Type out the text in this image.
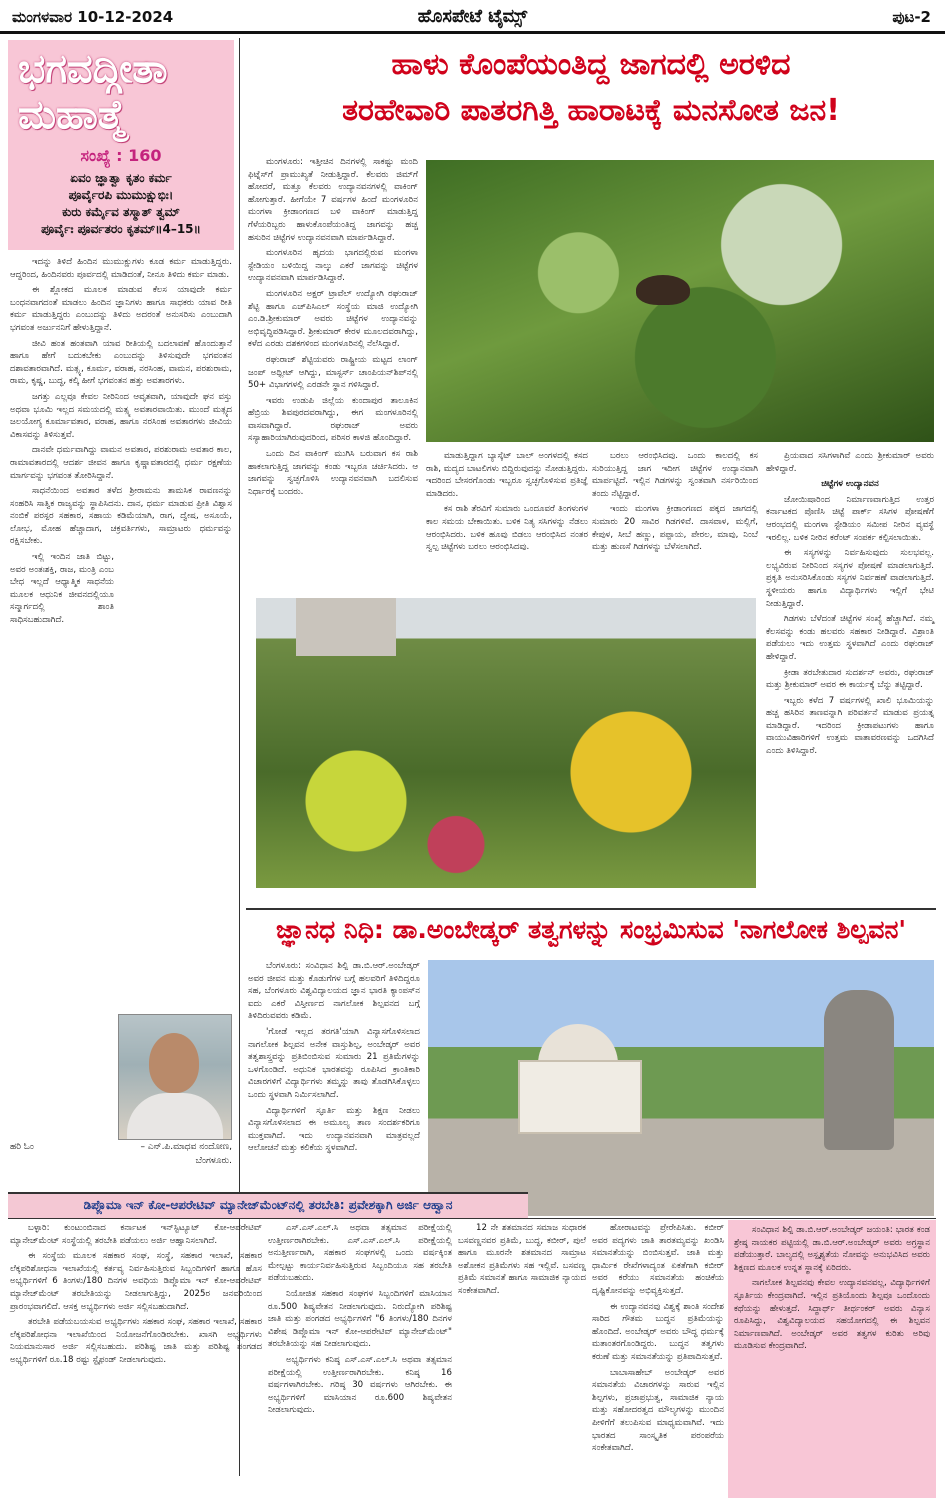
ಮಂಗಳವಾರ 10-12-2024	ಹೊಸಪೇಟೆ ಟೈಮ್ಸ್	ಪುಟ-2
ಭಗವದ್ಗೀತಾ ಮಹಾತ್ಮೆ
ಸಂಖ್ಯೆ : 160
ಏವಂ ಜ್ಞಾತ್ವಾ ಕೃತಂ ಕರ್ಮ
ಪೂರ್ವೈರಪಿ ಮುಮುಕ್ಷುಭಿಃ।
ಕುರು ಕರ್ಮೈವ ತಸ್ಮಾತ್ ತ್ವಮ್
ಪೂರ್ವೈಃ ಪೂರ್ವತರಂ ಕೃತಮ್॥4–15॥

ಇದನ್ನು ತಿಳಿದೆ ಹಿಂದಿನ ಮುಮುಕ್ಷುಗಳು ಕೂಡ ಕರ್ಮ ಮಾಡುತ್ತಿದ್ದರು. ಆದ್ದರಿಂದ, ಹಿಂದಿನವರು ಪೂರ್ವದಲ್ಲಿ ಮಾಡಿದಂತೆ, ನೀನೂ ತಿಳಿದು ಕರ್ಮ ಮಾಡು.

ಈ ಶ್ಲೋಕದ ಮೂಲಕ ಮಾಡುವ ಕೆಲಸ ಯಾವುದೇ ಕರ್ಮ ಬಂಧನವಾಗದಂತೆ ಮಾಡಲು ಹಿಂದಿನ ಜ್ಞಾನಿಗಳು ಹಾಗೂ ಸಾಧಕರು ಯಾವ ರೀತಿ ಕರ್ಮ ಮಾಡುತ್ತಿದ್ದರು ಎಂಬುದನ್ನು ತಿಳಿದು ಅದರಂತೆ ಅನುಸರಿಸು ಎಂಬುದಾಗಿ ಭಗವಂತ ಅರ್ಜುನನಿಗೆ ಹೇಳುತ್ತಿದ್ದಾನೆ.

ಜೀವಿ ಹಂತ ಹಂತವಾಗಿ ಯಾವ ರೀತಿಯಲ್ಲಿ ಬದಲಾವಣೆ ಹೊಂದುತ್ತಾನೆ ಹಾಗೂ ಹೇಗೆ ಬದುಕಬೇಕು ಎಂಬುದನ್ನು ತಿಳಿಸುವುದೇ ಭಗವಂತನ ದಶಾವತಾರವಾಗಿದೆ. ಮತ್ಸ್ಯ, ಕೂರ್ಮ, ವರಾಹ, ನರಸಿಂಹ, ವಾಮನ, ಪರಶುರಾಮ, ರಾಮ, ಕೃಷ್ಣ, ಬುದ್ಧ, ಕಲ್ಕಿ ಹೀಗೆ ಭಗವಂತನ ಹತ್ತು ಅವತಾರಗಳು.

ಜಗತ್ತು ಎಲ್ಲವೂ ಕೇವಲ ನೀರಿನಿಂದ ಆವೃತವಾಗಿ, ಯಾವುದೇ ಘನ ವಸ್ತು ಅಥವಾ ಭೂಮಿ ಇಲ್ಲದ ಸಮಯದಲ್ಲಿ ಮತ್ಸ್ಯ ಅವತಾರವಾಯಿತು. ಮುಂದೆ ಮತ್ಸ್ಯದ ಜಲಯೋಗ್ಯ ಕೂರ್ಮಾವತಾರ, ವರಾಹ, ಹಾಗೂ ನರಸಿಂಹ ಅವತಾರಗಳು ಜೀವಿಯ ವಿಕಾಸವನ್ನು ತಿಳಿಸುತ್ತವೆ.

ದಾನವೇ ಧರ್ಮವಾಗಿದ್ದು ವಾಮನ ಅವತಾರ, ಪರಶುರಾಮ ಅವತಾರ ಕಾಲ, ರಾಮಾವತಾರದಲ್ಲಿ ಆದರ್ಶ ಜೀವನ ಹಾಗೂ ಕೃಷ್ಣಾವತಾರದಲ್ಲಿ ಧರ್ಮ ರಕ್ಷಣೆಯ ಮಾರ್ಗವನ್ನು ಭಗವಂತ ತೋರಿಸಿದ್ದಾನೆ.

ಸಾಧನೆಯಿಂದ ಅವತಾರ ತಳೆದ ಶ್ರೀರಾಮನು ತಾಮಸಿಕ ರಾವಣನನ್ನು ಸಂಹರಿಸಿ ಸಾತ್ವಿಕ ರಾಜ್ಯವನ್ನು ಸ್ಥಾಪಿಸಿದನು. ದಾನ, ಧರ್ಮ ಮಾಡುವ ಪ್ರೀತಿ ವಿಶ್ವಾಸ ನಂಬಿಕೆ ಪರಸ್ಪರ ಸಹಕಾರ, ಸಹಾಯ ಕಡಿಮೆಯಾಗಿ, ರಾಗ, ದ್ವೇಷ, ಅಸೂಯೆ, ಲೋಭ, ಮೋಹ ಹೆಚ್ಚಾದಾಗ, ಚಕ್ರವರ್ತಿಗಳು, ಸಾಮ್ರಾಟರು ಧರ್ಮವನ್ನು ರಕ್ಷಿಸಬೇಕು.

ಇಲ್ಲಿ ಇಂದಿನ ಜಾತಿ ಬಿಟ್ಟು, ಅವರ ಅಂತಃಶಕ್ತಿ, ರಾಜ, ಮಂತ್ರಿ ಎಂಬ ಬೇಧ ಇಲ್ಲದೆ ಆಧ್ಯಾತ್ಮಿಕ ಸಾಧನೆಯ ಮೂಲಕ ಆಧುನಿಕ ಜೀವನದಲ್ಲಿಯೂ ಸನ್ಮಾರ್ಗದಲ್ಲಿ ಶಾಂತಿ ಸಾಧಿಸಬಹುದಾಗಿದೆ.

ಹರಿ ಓಂ	– ಎನ್.ಪಿ.ಮಾಧವ ನಂದೋಣ,
ಬೆಂಗಳೂರು.
ಹಾಳು ಕೊಂಪೆಯಂತಿದ್ದ ಜಾಗದಲ್ಲಿ ಅರಳಿದ
ತರಹೇವಾರಿ ಪಾತರಗಿತ್ತಿ ಹಾರಾಟಕ್ಕೆ ಮನಸೋತ ಜನ!

ಮಂಗಳೂರು: ಇತ್ತೀಚಿನ ದಿನಗಳಲ್ಲಿ ಸಾಕಷ್ಟು ಮಂದಿ ಫಿಟ್ನೆಸ್‌ಗೆ ಪ್ರಾಮುಖ್ಯತೆ ನೀಡುತ್ತಿದ್ದಾರೆ. ಕೆಲವರು ಜಿಮ್‌ಗೆ ಹೋದರೆ, ಮತ್ತೂ ಕೆಲವರು ಉದ್ಯಾನವನಗಳಲ್ಲಿ ವಾಕಿಂಗ್ ಹೋಗುತ್ತಾರೆ. ಹೀಗೆಯೇ 7 ವರ್ಷಗಳ ಹಿಂದೆ ಮಂಗಳೂರಿನ ಮಂಗಳಾ ಕ್ರೀಡಾಂಗಣದ ಬಳಿ ವಾಕಿಂಗ್ ಮಾಡುತ್ತಿದ್ದ ಗೆಳೆಯರಿಬ್ಬರು ಹಾಳುಕೊಂಪೆಯಂತಿದ್ದ ಜಾಗವನ್ನು ಹಚ್ಚ ಹಸುರಿನ ಚಿಟ್ಟೆಗಳ ಉದ್ಯಾನವನವಾಗಿ ಮಾರ್ಪಡಿಸಿದ್ದಾರೆ.

ಮಂಗಳೂರಿನ ಹೃದಯ ಭಾಗದಲ್ಲಿರುವ ಮಂಗಳಾ ಸ್ಟೇಡಿಯಂ ಬಳಿಯಿದ್ದ ನಾಲ್ಕು ಎಕರೆ ಜಾಗವನ್ನು ಚಿಟ್ಟೆಗಳ ಉದ್ಯಾನವನವಾಗಿ ಮಾರ್ಪಡಿಸಿದ್ದಾರೆ.

ಮಂಗಳೂರಿನ ಅಕ್ಷರ್ ಟ್ರಾವೆಲ್ ಉದ್ಯೋಗಿ ರಘುರಾಜ್ ಶೆಟ್ಟಿ ಹಾಗೂ ಎಚ್‌ಪಿಸಿಎಲ್ ಸಂಸ್ಥೆಯ ಮಾಜಿ ಉದ್ಯೋಗಿ ಎಂ.ಡಿ.ಶ್ರೀಕುಮಾರ್ ಅವರು ಚಿಟ್ಟೆಗಳ ಉದ್ಯಾನವನ್ನು ಅಭಿವೃದ್ಧಿಪಡಿಸಿದ್ದಾರೆ. ಶ್ರೀಕುಮಾರ್ ಕೇರಳ ಮೂಲದವರಾಗಿದ್ದು, ಕಳೆದ ಎರಡು ದಶಕಗಳಿಂದ ಮಂಗಳೂರಿನಲ್ಲಿ ನೆಲೆಸಿದ್ದಾರೆ.

ರಘುರಾಜ್ ಶೆಟ್ಟಿಯವರು ರಾಷ್ಟ್ರೀಯ ಮಟ್ಟದ ಲಾಂಗ್ ಜಂಪ್ ಅಥ್ಲೀಟ್ ಆಗಿದ್ದು, ಮಾಸ್ಟರ್ಸ್ ಚಾಂಪಿಯನ್‌ಶಿಪ್‌ನಲ್ಲಿ 50+ ವಿಭಾಗಗಳಲ್ಲಿ ಎರಡನೇ ಸ್ಥಾನ ಗಳಿಸಿದ್ದಾರೆ.

ಇವರು ಉಡುಪಿ ಜಿಲ್ಲೆಯ ಕುಂದಾಪುರ ತಾಲೂಕಿನ ಹೆಬ್ರಿಯ ಶಿವಪುರದವರಾಗಿದ್ದು, ಈಗ ಮಂಗಳೂರಿನಲ್ಲಿ ವಾಸವಾಗಿದ್ದಾರೆ. ರಘುರಾಜ್ ಅವರು ಸಸ್ಯಾಹಾರಿಯಾಗಿರುವುದರಿಂದ, ಪರಿಸರ ಕಾಳಜಿ ಹೊಂದಿದ್ದಾರೆ.

ಒಂದು ದಿನ ವಾಕಿಂಗ್ ಮುಗಿಸಿ ಬರುವಾಗ ಕಸ ರಾಶಿ ಹಾಕಲಾಗುತ್ತಿದ್ದ ಜಾಗವನ್ನು ಕಂಡು ಇಬ್ಬರೂ ಚರ್ಚಿಸಿದರು. ಆ ಜಾಗವನ್ನು ಸ್ವಚ್ಛಗೊಳಿಸಿ ಉದ್ಯಾನವನವಾಗಿ ಬದಲಿಸುವ ನಿರ್ಧಾರಕ್ಕೆ ಬಂದರು.

ಮಾಡುತ್ತಿದ್ದಾಗ ಬ್ಯಾಸ್ಕೆಟ್ ಬಾಲ್ ಅಂಗಳದಲ್ಲಿ ಕಸದ ರಾಶಿ, ಮದ್ಯದ ಬಾಟಲಿಗಳು ಬಿದ್ದಿರುವುದನ್ನು ನೋಡುತ್ತಿದ್ದರು. ಇದರಿಂದ ಬೇಸರಗೊಂಡು ಇಬ್ಬರೂ ಸ್ವಚ್ಛಗೊಳಿಸುವ ಪ್ರತಿಜ್ಞೆ ಮಾಡಿದರು.

ಕಸ ರಾಶಿ ತೆರವಿಗೆ ಸುಮಾರು ಒಂದೂವರೆ ತಿಂಗಳುಗಳ ಕಾಲ ಸಮಯ ಬೇಕಾಯಿತು. ಬಳಿಕ ನಿತ್ಯ ಸಸಿಗಳನ್ನು ನೆಡಲು ಆರಂಭಿಸಿದರು. ಬಳಿಕ ಹೂವು ಬಿಡಲು ಆರಂಭಿಸಿದ ನಂತರ ಸ್ವಲ್ಪ ಚಿಟ್ಟೆಗಳು ಬರಲು ಆರಂಭಿಸಿದವು.

ಬರಲು ಆರಂಭಿಸಿದವು. ಒಂದು ಕಾಲದಲ್ಲಿ ಕಸ ಸುರಿಯುತ್ತಿದ್ದ ಜಾಗ ಇದೀಗ ಚಿಟ್ಟೆಗಳ ಉದ್ಯಾನವಾಗಿ ಮಾರ್ಪಟ್ಟಿದೆ. ಇಲ್ಲಿನ ಗಿಡಗಳನ್ನು ಸ್ವಂತವಾಗಿ ನರ್ಸರಿಯಿಂದ ತಂದು ನೆಟ್ಟಿದ್ದಾರೆ.

ಇಂದು ಮಂಗಳಾ ಕ್ರೀಡಾಂಗಣದ ಪಕ್ಕದ ಜಾಗದಲ್ಲಿ ಸುಮಾರು 20 ಸಾವಿರ ಗಿಡಗಳಿವೆ. ದಾಸವಾಳ, ಮಲ್ಲಿಗೆ, ಕೇಪುಳ, ಸೀಬೆ ಹಣ್ಣು, ಪಪ್ಪಾಯ, ಪೇರಲ, ಮಾವು, ನಿಂಬೆ ಮತ್ತು ಹುಣಸೆ ಗಿಡಗಳನ್ನು ಬೆಳೆಸಲಾಗಿದೆ.

ಪ್ರಿಯವಾದ ಸಸಿಗಳಾಗಿವೆ ಎಂದು ಶ್ರೀಕುಮಾರ್ ಅವರು ಹೇಳಿದ್ದಾರೆ.

ಚಿಟ್ಟೆಗಳ ಉದ್ಯಾನವನ

ಜೋಯಿಷಾರಿಂದ ನಿರ್ಮಾಣವಾಗುತ್ತಿದ ಉತ್ತರ ಕರ್ನಾಟಕದ ಪೊಣಿಸಿ ಚಿಟ್ಟೆ ಪಾರ್ಕ್ ಸಸಿಗಳ ಪೋಷಣೆಗೆ ಆರಂಭದಲ್ಲಿ ಮಂಗಳಾ ಸ್ಟೇಡಿಯಂ ಸಮೀಪ ನೀರಿನ ವ್ಯವಸ್ಥೆ ಇರಲಿಲ್ಲ. ಬಳಿಕ ನೀರಿನ ಕರೆಂಟ್ ಸಂಪರ್ಕ ಕಲ್ಪಿಸಲಾಯಿತು.

ಈ ಸಸ್ಯಗಳನ್ನು ನಿರ್ವಹಿಸುವುದು ಸುಲಭವಲ್ಲ. ಲಭ್ಯವಿರುವ ನೀರಿನಿಂದ ಸಸ್ಯಗಳ ಪೋಷಣೆ ಮಾಡಲಾಗುತ್ತಿದೆ. ಪ್ರಕೃತಿ ಅನುಸರಿಸಿಕೊಂಡು ಸಸ್ಯಗಳ ನಿರ್ವಹಣೆ ವಾಡಲಾಗುತ್ತಿದೆ. ಸ್ಥಳೀಯರು ಹಾಗೂ ವಿದ್ಯಾರ್ಥಿಗಳು ಇಲ್ಲಿಗೆ ಭೇಟಿ ನೀಡುತ್ತಿದ್ದಾರೆ.

ಗಿಡಗಳು ಬೆಳೆದಂತೆ ಚಿಟ್ಟೆಗಳ ಸಂಖ್ಯೆ ಹೆಚ್ಚಾಗಿದೆ. ನಮ್ಮ ಕೆಲಸವನ್ನು ಕಂಡು ಹಲವರು ಸಹಕಾರ ನೀಡಿದ್ದಾರೆ. ವಿಶ್ರಾಂತಿ ಪಡೆಯಲು ಇದು ಉತ್ತಮ ಸ್ಥಳವಾಗಿದೆ ಎಂದು ರಘುರಾಜ್ ಹೇಳಿದ್ದಾರೆ.

ಕ್ರೀಡಾ ತರಬೇತುದಾರ ಸುದರ್ಶನ್ ಅವರು, ರಘುರಾಜ್ ಮತ್ತು ಶ್ರೀಕುಮಾರ್ ಅವರ ಈ ಕಾರ್ಯಕ್ಕೆ ಬೆನ್ನು ತಟ್ಟಿದ್ದಾರೆ.

ಇಬ್ಬರು ಕಳೆದ 7 ವರ್ಷಗಳಲ್ಲಿ ಖಾಲಿ ಭೂಮಿಯನ್ನು ಹಚ್ಚ ಹಸಿರಿನ ತಾಣವನ್ನಾಗಿ ಪರಿವರ್ತನೆ ಮಾಡುವ ಪ್ರಯತ್ನ ಮಾಡಿದ್ದಾರೆ. ಇದರಿಂದ ಕ್ರೀಡಾಪಟುಗಳು ಹಾಗೂ ವಾಯುವಿಹಾರಿಗಳಿಗೆ ಉತ್ತಮ ವಾತಾವರಣವನ್ನು ಒದಗಿಸಿದೆ ಎಂದು ತಿಳಿಸಿದ್ದಾರೆ.

ಜ್ಞಾನಧ ನಿಧಿ: ಡಾ.ಅಂಬೇಡ್ಕರ್ ತತ್ವಗಳನ್ನು ಸಂಭ್ರಮಿಸುವ 'ನಾಗಲೋಕ ಶಿಲ್ಪವನ'

ಬೆಂಗಳೂರು: ಸಂವಿಧಾನ ಶಿಲ್ಪಿ ಡಾ.ಬಿ.ಆರ್.ಅಂಬೇಡ್ಕರ್ ಅವರ ಜೀವನ ಮತ್ತು ಕೊಡುಗೆಗಳ ಬಗ್ಗೆ ಹಲವರಿಗೆ ತಿಳಿದಿದ್ದರೂ ಸಹ, ಬೆಂಗಳೂರು ವಿಶ್ವವಿದ್ಯಾಲಯದ ಜ್ಞಾನ ಭಾರತಿ ಕ್ಯಾಂಪಸ್‌ನ ಐದು ಎಕರೆ ವಿಸ್ತೀರ್ಣದ ನಾಗಲೋಕ ಶಿಲ್ಪವನದ ಬಗ್ಗೆ ತಿಳಿದಿರುವವರು ಕಡಿಮೆ.

'ಗೋಡೆ ಇಲ್ಲದ ತರಗತಿ'ಯಾಗಿ ವಿನ್ಯಾಸಗೊಳಿಸಲಾದ ನಾಗಲೋಕ ಶಿಲ್ಪವನ ಅನೇಕ ವಾಸ್ತುಶಿಲ್ಪ, ಅಂಬೇಡ್ಕರ್ ಅವರ ತತ್ವಶಾಸ್ತ್ರವನ್ನು ಪ್ರತಿಬಿಂಬಿಸುವ ಸುಮಾರು 21 ಪ್ರತಿಮೆಗಳನ್ನು ಒಳಗೊಂಡಿದೆ. ಅಧುನಿಕ ಭಾರತವನ್ನು ರೂಪಿಸಿದ ಕ್ರಾಂತಿಕಾರಿ ವಿಚಾರಗಳಿಗೆ ವಿದ್ಯಾರ್ಥಿಗಳು ತಮ್ಮನ್ನು ತಾವು ತೊಡಗಿಸಿಕೊಳ್ಳಲು ಒಂದು ಸ್ಥಳವಾಗಿ ನಿರ್ಮಿಸಲಾಗಿದೆ.

ವಿದ್ಯಾರ್ಥಿಗಳಿಗೆ ಸ್ಫೂರ್ತಿ ಮತ್ತು ಶಿಕ್ಷಣ ನೀಡಲು ವಿನ್ಯಾಸಗೊಳಿಸಲಾದ ಈ ಅಮೂಲ್ಯ ತಾಣ ಸಂದರ್ಶಕರಿಗೂ ಮುಕ್ತವಾಗಿದೆ. ಇದು ಉದ್ಯಾನವನವಾಗಿ ಮಾತ್ರವಲ್ಲದೆ ಆಲೋಚನೆ ಮತ್ತು ಕಲಿಕೆಯ ಸ್ಥಳವಾಗಿದೆ.

ಡಿಪ್ಲೊಮಾ ಇನ್ ಕೋ-ಆಪರೇಟಿವ್ ಮ್ಯಾನೇಜ್‌ಮೆಂಟ್‌ನಲ್ಲಿ ತರಬೇತಿ: ಪ್ರವೇಶಕ್ಕಾಗಿ ಅರ್ಜಿ ಆಹ್ವಾನ

ಬಳ್ಳಾರಿ: ಕುಂಟುಂಬಿನಾದ ಕರ್ನಾಟಕ ಇನ್‌ಸ್ಟಿಟ್ಯೂಟ್ ಕೋ-ಆಪರೇಟಿವ್ ಮ್ಯಾನೇಜ್‌ಮೆಂಟ್ ಸಂಸ್ಥೆಯಲ್ಲಿ ತರಬೇತಿ ಪಡೆಯಲು ಅರ್ಜಿ ಆಹ್ವಾನಿಸಲಾಗಿದೆ.

ಈ ಸಂಸ್ಥೆಯ ಮೂಲಕ ಸಹಕಾರ ಸಂಘ, ಸಂಸ್ಥೆ, ಸಹಕಾರ ಇಲಾಖೆ, ಸಹಕಾರ ಲೆಕ್ಕಪರಿಶೋಧನಾ ಇಲಾಖೆಯಲ್ಲಿ ಕರ್ತವ್ಯ ನಿರ್ವಹಿಸುತ್ತಿರುವ ಸಿಬ್ಬಂದಿಗಳಿಗೆ ಹಾಗೂ ಹೊಸ ಅಭ್ಯರ್ಥಿಗಳಿಗೆ 6 ತಿಂಗಳು/180 ದಿನಗಳ ಅವಧಿಯ ಡಿಪ್ಲೊಮಾ ಇನ್ ಕೋ-ಆಪರೇಟಿವ್ ಮ್ಯಾನೇಜ್‌ಮೆಂಟ್ ತರಬೇತಿಯನ್ನು ನೀಡಲಾಗುತ್ತಿದ್ದು, 2025ರ ಜನವರಿಯಿಂದ ಪ್ರಾರಂಭವಾಗಲಿದೆ. ಆಸಕ್ತ ಅಭ್ಯರ್ಥಿಗಳು ಅರ್ಜಿ ಸಲ್ಲಿಸಬಹುದಾಗಿದೆ.

ತರಬೇತಿ ಪಡೆಯಬಯಸುವ ಅಭ್ಯರ್ಥಿಗಳು ಸಹಕಾರ ಸಂಘ, ಸಹಕಾರ ಇಲಾಖೆ, ಸಹಕಾರ ಲೆಕ್ಕಪರಿಶೋಧನಾ ಇಲಾಖೆಯಿಂದ ನಿಯೋಜನೆಗೊಂಡಿರಬೇಕು. ಖಾಸಗಿ ಅಭ್ಯರ್ಥಿಗಳು ನಿಯಮಾನುಸಾರ ಅರ್ಜಿ ಸಲ್ಲಿಸಬಹುದು. ಪರಿಶಿಷ್ಟ ಜಾತಿ ಮತ್ತು ಪರಿಶಿಷ್ಟ ಪಂಗಡದ ಅಭ್ಯರ್ಥಿಗಳಿಗೆ ರೂ.18 ರಷ್ಟು ಸ್ಟೈಫಂಡ್ ನೀಡಲಾಗುವುದು.

ಎಸ್.ಎಸ್.ಎಲ್.ಸಿ ಅಥವಾ ತತ್ಸಮಾನ ಪರೀಕ್ಷೆಯಲ್ಲಿ ಉತ್ತೀರ್ಣರಾಗಿರಬೇಕು. ಎಸ್.ಎಸ್.ಎಲ್.ಸಿ ಪರೀಕ್ಷೆಯಲ್ಲಿ ಅನುತ್ತೀರ್ಣರಾಗಿ, ಸಹಕಾರ ಸಂಘಗಳಲ್ಲಿ ಒಂದು ವರ್ಷಕ್ಕಿಂತ ಮೇಲ್ಪಟ್ಟು ಕಾರ್ಯನಿರ್ವಹಿಸುತ್ತಿರುವ ಸಿಬ್ಬಂದಿಯೂ ಸಹ ತರಬೇತಿ ಪಡೆಯಬಹುದು.

ನಿಯೋಜಿತ ಸಹಕಾರ ಸಂಘಗಳ ಸಿಬ್ಬಂದಿಗಳಿಗೆ ಮಾಸಿಯಾನ ರೂ.500 ಶಿಷ್ಯವೇತನ ನೀಡಲಾಗುವುದು. ನಿರುದ್ಯೋಗಿ ಪರಿಶಿಷ್ಟ ಜಾತಿ ಮತ್ತು ಪಂಗಡದ ಅಭ್ಯರ್ಥಿಗಳಿಗೆ "6 ತಿಂಗಳು/180 ದಿನಗಳ ವಿಶೇಷ ಡಿಪ್ಲೊಮಾ ಇನ್ ಕೋ-ಆಪರೇಟಿವ್ ಮ್ಯಾನೇಜ್‌ಮೆಂಟ್" ತರಬೇತಿಯನ್ನು ಸಹ ನೀಡಲಾಗುವುದು.

ಅಭ್ಯರ್ಥಿಗಳು ಕನಿಷ್ಠ ಎಸ್.ಎಸ್.ಎಲ್.ಸಿ ಅಥವಾ ತತ್ಸಮಾನ ಪರೀಕ್ಷೆಯಲ್ಲಿ ಉತ್ತೀರ್ಣರಾಗಿರಬೇಕು. ಕನಿಷ್ಠ 16 ವರ್ಷಗಳಾಗಿರಬೇಕು. ಗರಿಷ್ಠ 30 ವರ್ಷಗಳು ಆಗಿರಬೇಕು. ಈ ಅಭ್ಯರ್ಥಿಗಳಿಗೆ ಮಾಸಿಯಾನ ರೂ.600 ಶಿಷ್ಯವೇತನ ನೀಡಲಾಗುವುದು.

12 ನೇ ಶತಮಾನದ ಸಮಾಜ ಸುಧಾರಕ ಬಸವಣ್ಣನವರ ಪ್ರತಿಮೆ, ಬುದ್ಧ, ಕಬೀರ್, ಪುಲೆ ಹಾಗೂ ಮೂರನೇ ಶತಮಾನದ ಸಾಮ್ರಾಟ ಅಶೋಕನ ಪ್ರತಿಮೆಗಳು ಸಹ ಇಲ್ಲಿವೆ. ಬಸವಣ್ಣ ಪ್ರತಿಮೆ ಸಮಾನತೆ ಹಾಗೂ ಸಾಮಾಜಿಕ ನ್ಯಾಯದ ಸಂಕೇತವಾಗಿದೆ.

ಹೋರಾಟವನ್ನು ಪ್ರೇರೇಪಿಸಿತು. ಕಬೀರ್ ಅವರ ಪದ್ಯಗಳು ಜಾತಿ ತಾರತಮ್ಯವನ್ನು ಖಂಡಿಸಿ ಸಮಾನತೆಯನ್ನು ಬಿಂಬಿಸುತ್ತವೆ. ಜಾತಿ ಮತ್ತು ಧಾರ್ಮಿಕ ರೇಖೆಗಳಾದ್ಯಂತ ಏಕತೆಗಾಗಿ ಕಬೀರ್ ಅವರ ಕರೆಯು ಸಮಾನತೆಯ ಹಂಚಿಕೆಯ ದೃಷ್ಟಿಕೋನವನ್ನು ಅಭಿವ್ಯಕ್ತಿಸುತ್ತದೆ.

ಈ ಉದ್ಯಾನವನವು ವಿಶ್ವಕ್ಕೆ ಶಾಂತಿ ಸಂದೇಶ ಸಾರಿದ ಗೌತಮ ಬುದ್ಧನ ಪ್ರತಿಮೆಯನ್ನು ಹೊಂದಿದೆ. ಅಂಬೇಡ್ಕರ್ ಅವರು ಬೌದ್ಧ ಧರ್ಮಕ್ಕೆ ಮತಾಂತರಗೊಂಡಿದ್ದರು. ಬುದ್ಧನ ತತ್ವಗಳು ಕರುಣೆ ಮತ್ತು ಸಮಾನತೆಯನ್ನು ಪ್ರತಿಪಾದಿಸುತ್ತವೆ.

ಬಾಬಾಸಾಹೇಬ್ ಅಂಬೇಡ್ಕರ್ ಅವರ ಸಮಾನತೆಯ ವಿಚಾರಗಳನ್ನು ಸಾರುವ ಇಲ್ಲಿನ ಶಿಲ್ಪಗಳು, ಪ್ರಜಾಪ್ರಭುತ್ವ, ಸಾಮಾಜಿಕ ನ್ಯಾಯ ಮತ್ತು ಸಹೋದರತ್ವದ ಮೌಲ್ಯಗಳನ್ನು ಮುಂದಿನ ಪೀಳಿಗೆಗೆ ತಲುಪಿಸುವ ಮಾಧ್ಯಮವಾಗಿವೆ. ಇದು ಭಾರತದ ಸಾಂಸ್ಕೃತಿಕ ಪರಂಪರೆಯ ಸಂಕೇತವಾಗಿದೆ.

ಸಂವಿಧಾನ ಶಿಲ್ಪಿ ಡಾ.ಬಿ.ಆರ್.ಅಂಬೇಡ್ಕರ್ ಜಯಂತಿ: ಭಾರತ ಕಂಡ ಶ್ರೇಷ್ಠ ನಾಯಕರ ಪಟ್ಟಿಯಲ್ಲಿ ಡಾ.ಬಿ.ಆರ್.ಅಂಬೇಡ್ಕರ್ ಅವರು ಅಗ್ರಸ್ಥಾನ ಪಡೆಯುತ್ತಾರೆ. ಬಾಲ್ಯದಲ್ಲಿ ಅಸ್ಪೃಶ್ಯತೆಯ ನೋವನ್ನು ಅನುಭವಿಸಿದ ಅವರು ಶಿಕ್ಷಣದ ಮೂಲಕ ಉನ್ನತ ಸ್ಥಾನಕ್ಕೆ ಏರಿದರು.

ನಾಗಲೋಕ ಶಿಲ್ಪವನವು ಕೇವಲ ಉದ್ಯಾನವನವಲ್ಲ, ವಿದ್ಯಾರ್ಥಿಗಳಿಗೆ ಸ್ಫೂರ್ತಿಯ ಕೇಂದ್ರವಾಗಿದೆ. ಇಲ್ಲಿನ ಪ್ರತಿಯೊಂದು ಶಿಲ್ಪವೂ ಒಂದೊಂದು ಕಥೆಯನ್ನು ಹೇಳುತ್ತದೆ. ಸಿದ್ಧಾರ್ಥ್ ತೀರ್ಥಂಕರ್ ಅವರು ವಿನ್ಯಾಸ ರೂಪಿಸಿದ್ದು, ವಿಶ್ವವಿದ್ಯಾಲಯದ ಸಹಯೋಗದಲ್ಲಿ ಈ ಶಿಲ್ಪವನ ನಿರ್ಮಾಣವಾಗಿದೆ. ಅಂಬೇಡ್ಕರ್ ಅವರ ತತ್ವಗಳ ಕುರಿತು ಅರಿವು ಮೂಡಿಸುವ ಕೇಂದ್ರವಾಗಿದೆ.
